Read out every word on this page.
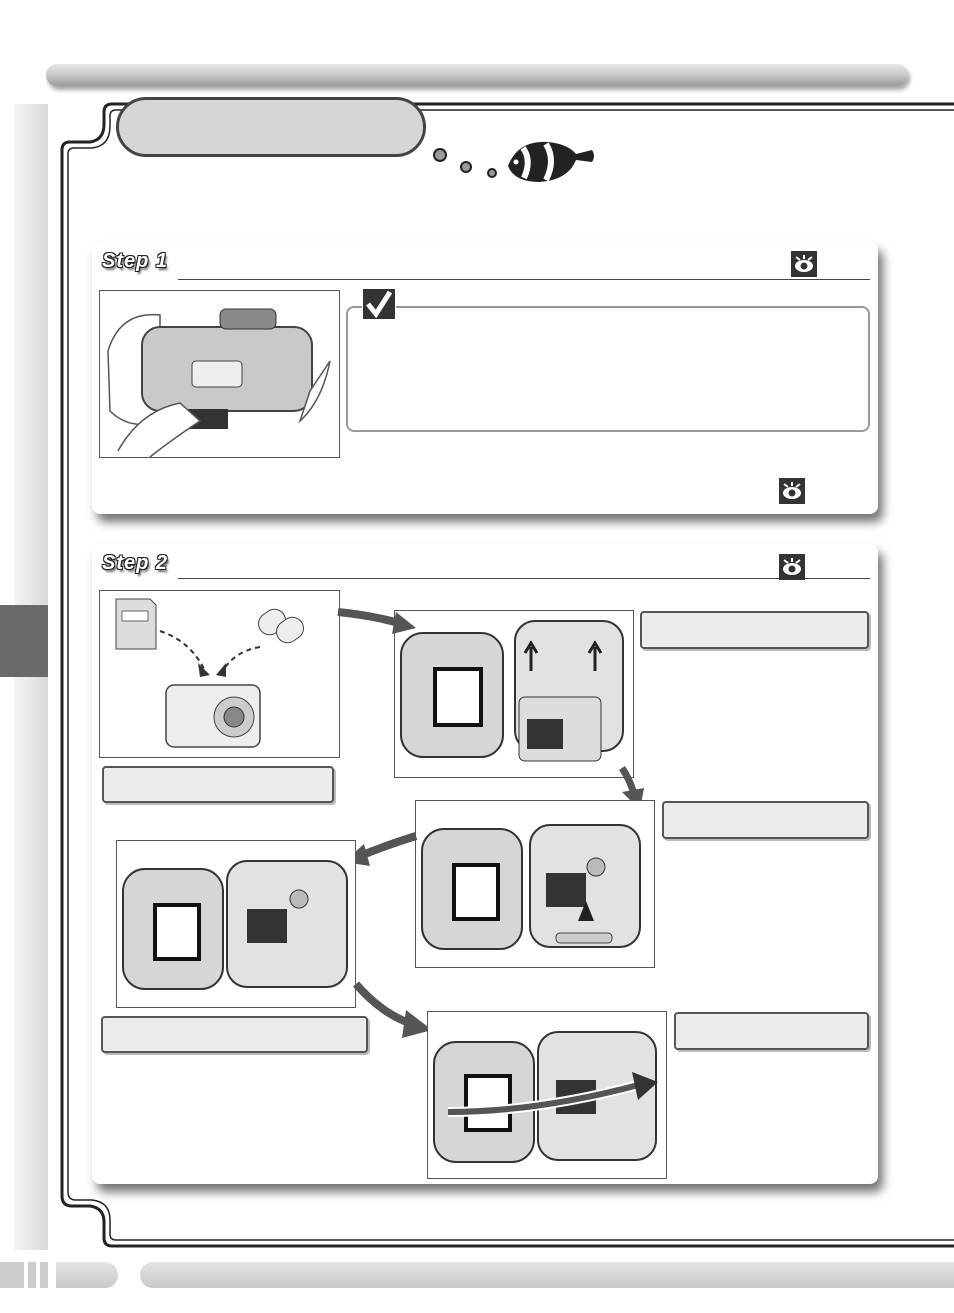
Step 1
Step 2
